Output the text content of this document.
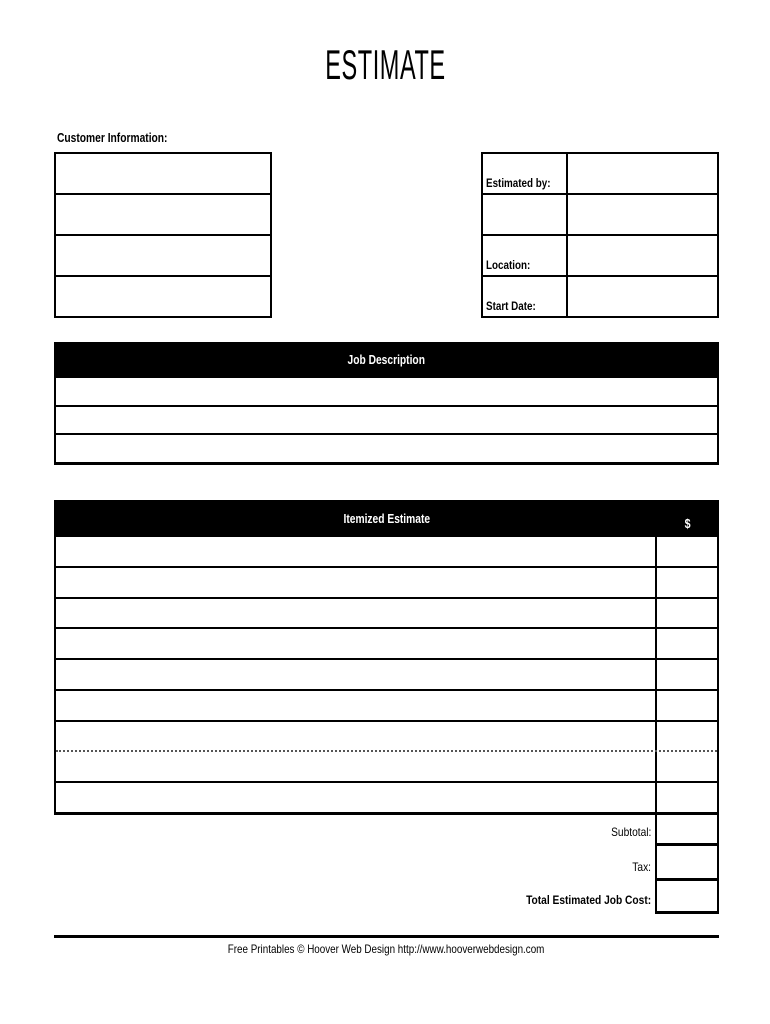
ESTIMATE
Customer Information:
Estimated by:
Location:
Start Date:
Job Description
Itemized Estimate	$
Subtotal:
Tax:
Total Estimated Job Cost:
Free Printables © Hoover Web Design http://www.hooverwebdesign.com
